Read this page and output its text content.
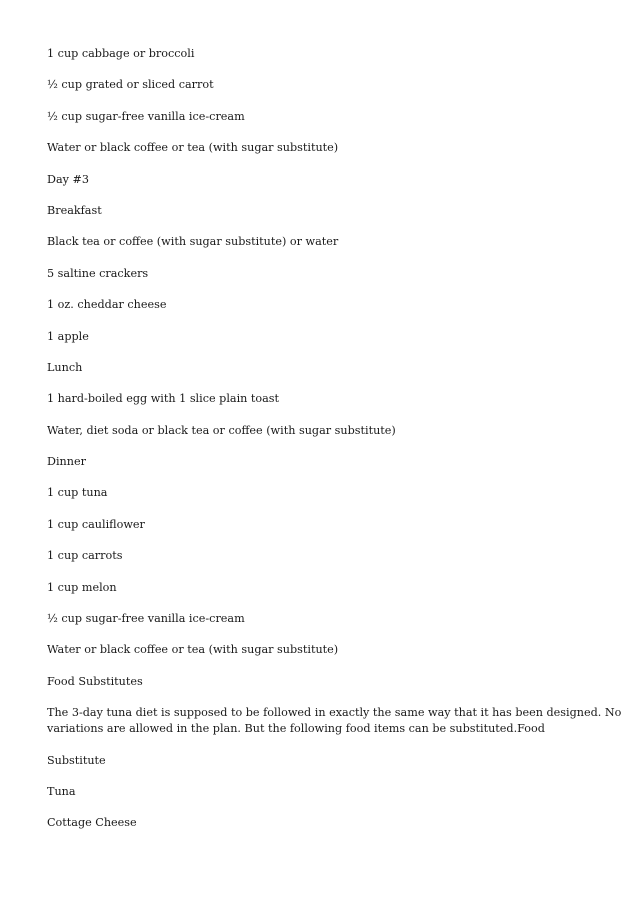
1 cup cabbage or broccoli
½ cup grated or sliced carrot
½ cup sugar-free vanilla ice-cream
Water or black coffee or tea (with sugar substitute)
Day #3
Breakfast
Black tea or coffee (with sugar substitute) or water
5 saltine crackers
1 oz. cheddar cheese
1 apple
Lunch
1 hard-boiled egg with 1 slice plain toast
Water, diet soda or black tea or coffee (with sugar substitute)
Dinner
1 cup tuna
1 cup cauliflower
1 cup carrots
1 cup melon
½ cup sugar-free vanilla ice-cream
Water or black coffee or tea (with sugar substitute)
Food Substitutes
The 3-day tuna diet is supposed to be followed in exactly the same way that it has been designed. No
variations are allowed in the plan. But the following food items can be substituted.Food
Substitute
Tuna
Cottage Cheese
